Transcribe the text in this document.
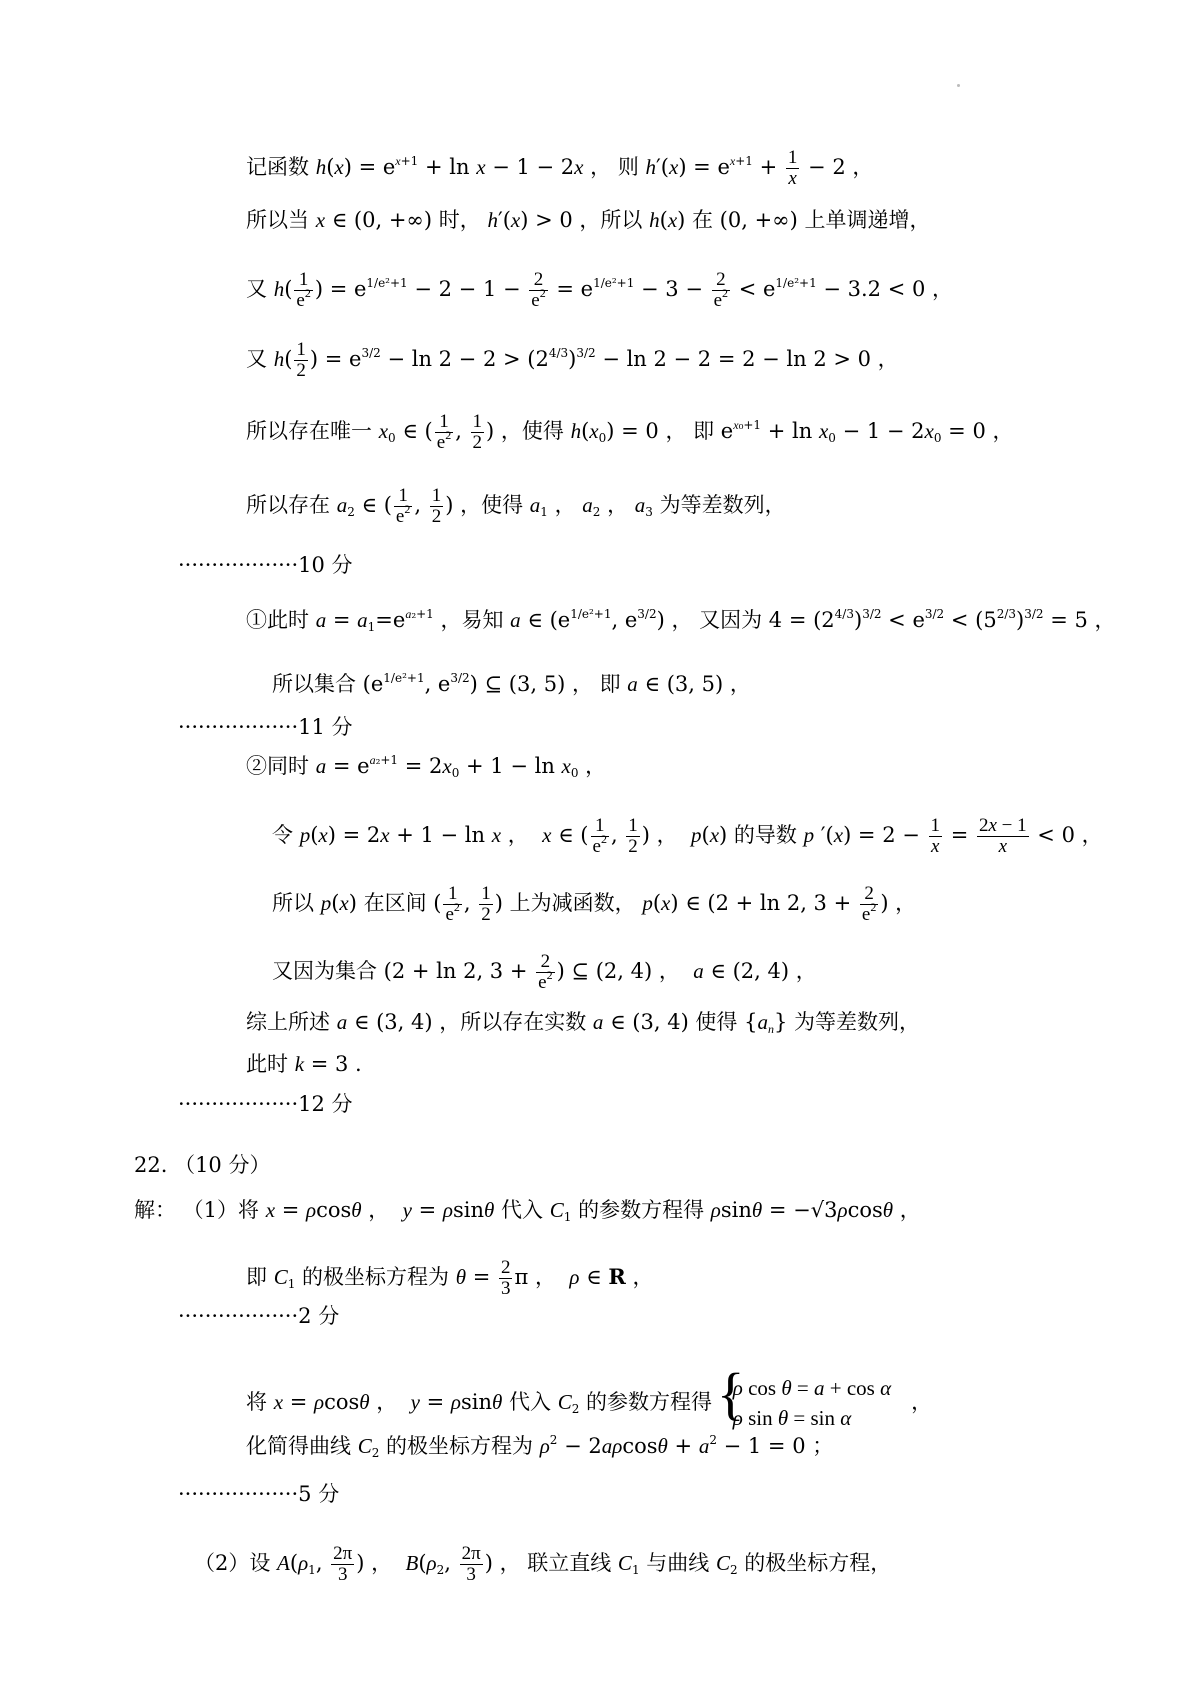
记函数 $h(x) = e^{x+1} + \ln x - 1 - 2x$ ， 则 $h'(x) = e^{x+1} + \frac{1}{x} - 2$ ，
所以当 x ∈ (0, +∞) 时， h′(x) > 0 ，所以 h(x) 在 (0, +∞) 上单调递增，
又 $h( \frac{1}{e^2}$ ) = $e^{1/e^2+1} - 2 - 1 - \frac{2}{e^2} = e^{1/e^2+1} - 3 - \frac{2}{e^2} < e^{1/e^2+1} - 3.2 < 0$ ，
又 $h( \frac{1}{2}$ ) = $e^{3/2} - \ln 2 - 2 > (2^{4/3})^{3/2} - \ln 2 - 2 = 2 - \ln 2 > 0$ ，
所以存在唯一 $x_0$ ∈ ( $\frac{1}{e^2}$ , $\frac{1}{2}$ ) ，使得 $h(x_0) = 0$ ， 即 $e^{x_0+1} + \ln x_0 - 1 - 2x_0 = 0$ ，
所以存在 $a_2$ ∈ ( $\frac{1}{e^2}$ , $\frac{1}{2}$ ) ，使得 $a_1$ ， $a_2$ ， $a_3$ 为等差数列，
①此时 $a = a_1=e^{a_2+1}$ ，易知 a ∈ ($e^{1/e^2+1}$, $e^{3/2}$) ， 又因为 $4 = (2^{4/3})^{3/2} < e^{3/2} < (5^{2/3})^{3/2} = 5$ ，
所以集合 ($e^{1/e^2+1}$, $e^{3/2}$) ⊆ (3, 5) ， 即 a ∈ (3, 5) ，
②同时 $a = e^{a_2+1} = 2x_0 + 1 - \ln x_0$ ，
令 p(x) = 2x + 1 − ln x ，  x ∈ ( $\frac{1}{e^2}$ , $\frac{1}{2}$ ) ，  p(x) 的导数 p $'(x) = 2 - \frac{1}{x} = \frac{2x - 1}{x} < 0$ ，
所以 p(x) 在区间 ( $\frac{1}{e^2}$ , $\frac{1}{2}$ ) 上为减函数， p(x) ∈ (2 + ln 2, $3 + \frac{2}{e^2}$ ) ，
又因为集合 (2 + ln 2, $3 + \frac{2}{e^2}$ ) ⊆ (2, 4) ，  a ∈ (2, 4) ，
综上所述 a ∈ (3, 4) ，所以存在实数 a ∈ (3, 4) 使得 $\{a_n\}$ 为等差数列，
此时 k = 3 .
22. （10 分）
解： （1）将 x = ρcosθ ，  y = ρsinθ 代入 $C_1$ 的参数方程得 ρsinθ = −√3ρcosθ ，
即 $C_1$ 的极坐标方程为 $\theta = \frac{2}{3}$ π ，  ρ ∈ R ，
将 x = ρcosθ ，  y = ρsinθ 代入 $C_2$ 的参数方程得
{ ρ cos θ = a + cos α
ρ sin θ = sin α
，
化简得曲线 $C_2$ 的极坐标方程为 $\rho^2 - 2a\rho\cos\theta + a^2 - 1 = 0$ ；
（2）设 $A(\rho_1$, $\frac{2\pi}{3}$ ) ，  $B(\rho_2$, $\frac{2\pi}{3}$ ) ， 联立直线 $C_1$ 与曲线 $C_2$ 的极坐标方程，
··················10 分
··················11 分
··················12 分
··················2 分
··················5 分
